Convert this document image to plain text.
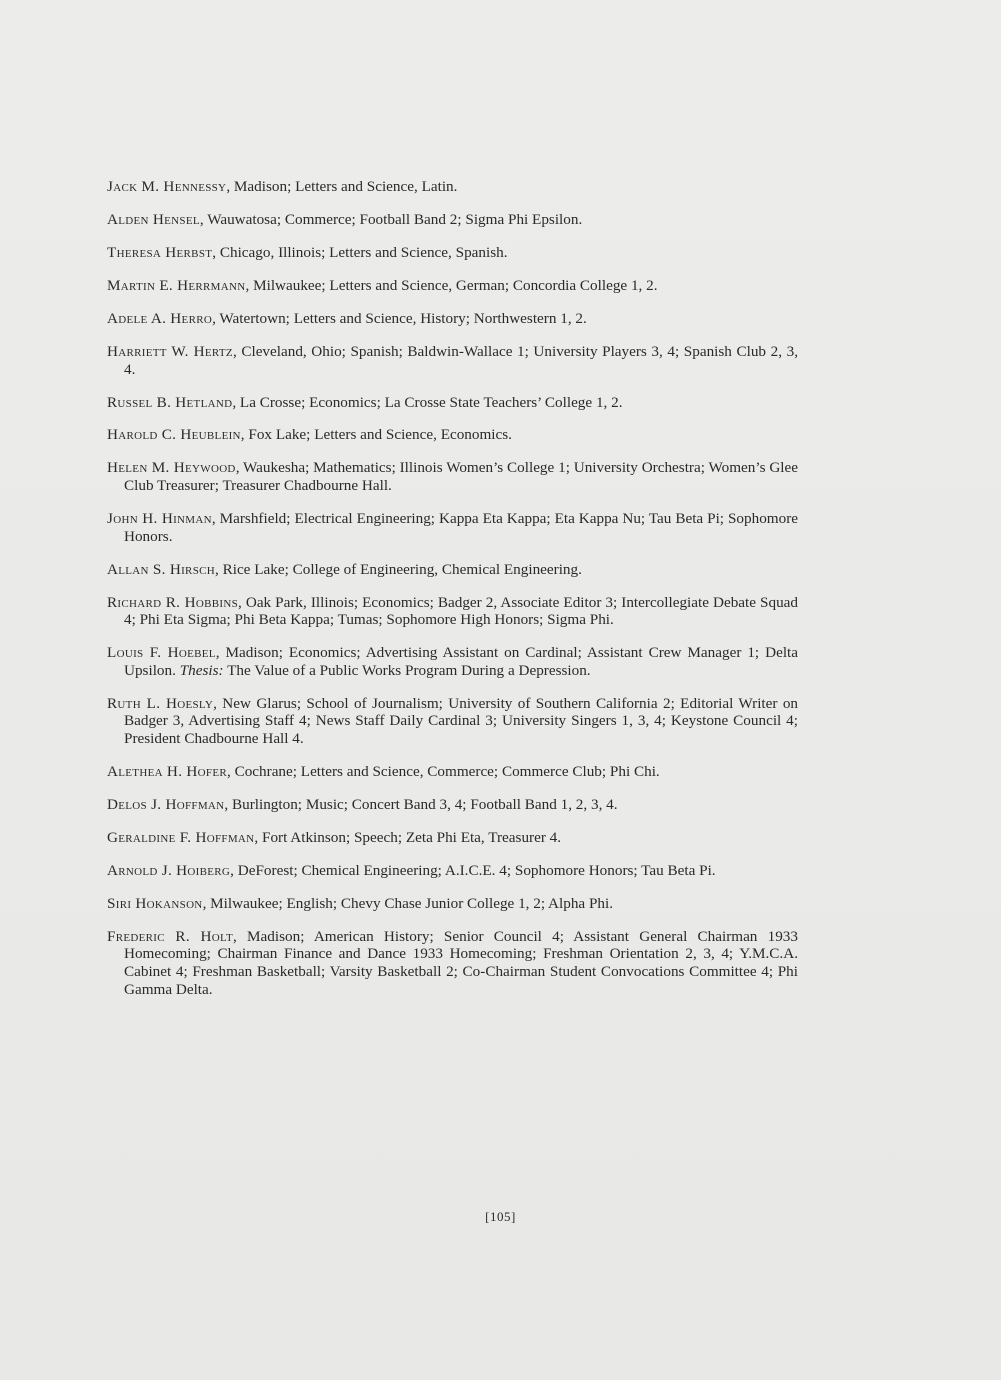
Jack M. Hennessy, Madison; Letters and Science, Latin.
Alden Hensel, Wauwatosa; Commerce; Football Band 2; Sigma Phi Epsilon.
Theresa Herbst, Chicago, Illinois; Letters and Science, Spanish.
Martin E. Herrmann, Milwaukee; Letters and Science, German; Concordia College 1, 2.
Adele A. Herro, Watertown; Letters and Science, History; Northwestern 1, 2.
Harriett W. Hertz, Cleveland, Ohio; Spanish; Baldwin-Wallace 1; University Players 3, 4; Spanish Club 2, 3, 4.
Russel B. Hetland, La Crosse; Economics; La Crosse State Teachers’ College 1, 2.
Harold C. Heublein, Fox Lake; Letters and Science, Economics.
Helen M. Heywood, Waukesha; Mathematics; Illinois Women’s College 1; University Orchestra; Women’s Glee Club Treasurer; Treasurer Chadbourne Hall.
John H. Hinman, Marshfield; Electrical Engineering; Kappa Eta Kappa; Eta Kappa Nu; Tau Beta Pi; Sophomore Honors.
Allan S. Hirsch, Rice Lake; College of Engineering, Chemical Engineering.
Richard R. Hobbins, Oak Park, Illinois; Economics; Badger 2, Associate Editor 3; Intercollegiate Debate Squad 4; Phi Eta Sigma; Phi Beta Kappa; Tumas; Sophomore High Honors; Sigma Phi.
Louis F. Hoebel, Madison; Economics; Advertising Assistant on Cardinal; Assistant Crew Manager 1; Delta Upsilon. Thesis: The Value of a Public Works Program During a Depression.
Ruth L. Hoesly, New Glarus; School of Journalism; University of Southern California 2; Editorial Writer on Badger 3, Advertising Staff 4; News Staff Daily Cardinal 3; University Singers 1, 3, 4; Keystone Council 4; President Chadbourne Hall 4.
Alethea H. Hofer, Cochrane; Letters and Science, Commerce; Commerce Club; Phi Chi.
Delos J. Hoffman, Burlington; Music; Concert Band 3, 4; Football Band 1, 2, 3, 4.
Geraldine F. Hoffman, Fort Atkinson; Speech; Zeta Phi Eta, Treasurer 4.
Arnold J. Hoiberg, DeForest; Chemical Engineering; A.I.C.E. 4; Sophomore Honors; Tau Beta Pi.
Siri Hokanson, Milwaukee; English; Chevy Chase Junior College 1, 2; Alpha Phi.
Frederic R. Holt, Madison; American History; Senior Council 4; Assistant General Chairman 1933 Homecoming; Chairman Finance and Dance 1933 Homecoming; Freshman Orientation 2, 3, 4; Y.M.C.A. Cabinet 4; Freshman Basketball; Varsity Basketball 2; Co-Chairman Student Convocations Committee 4; Phi Gamma Delta.
[105]
